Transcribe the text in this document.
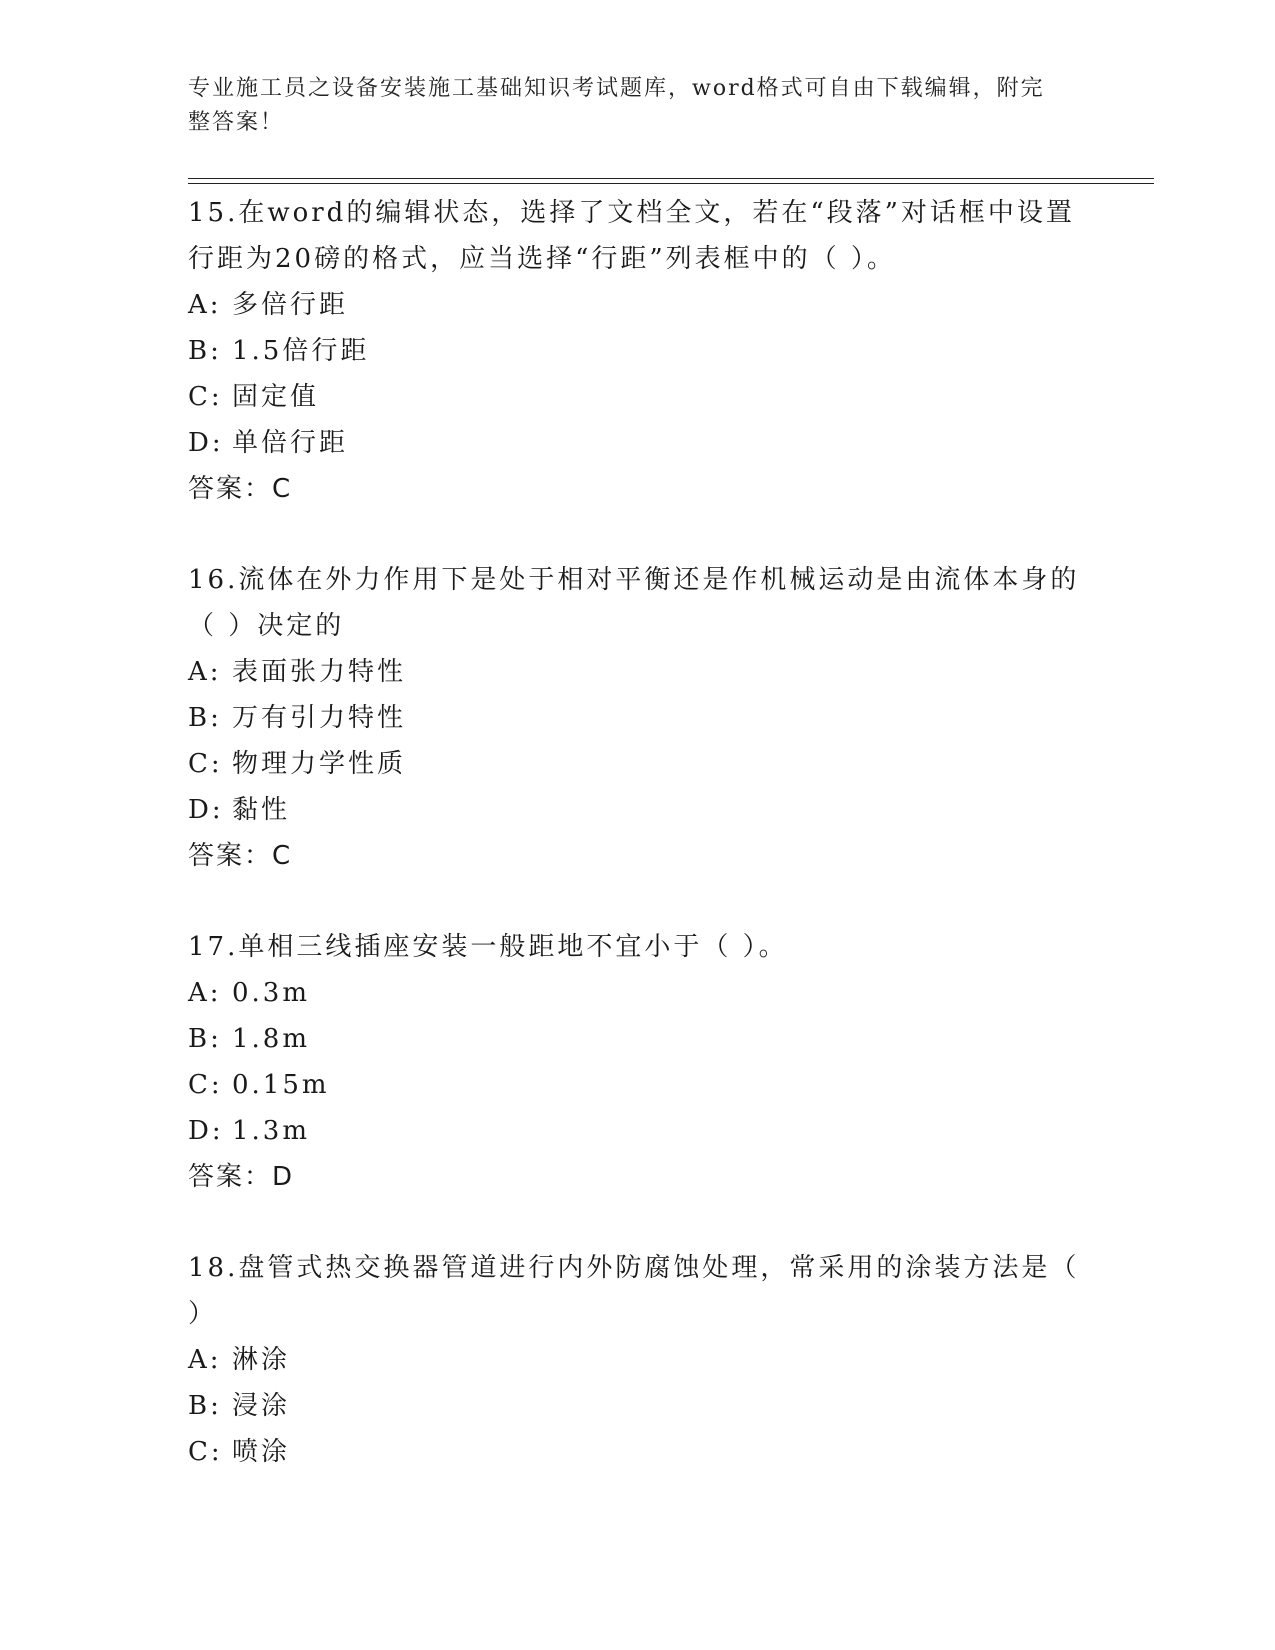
专业施工员之设备安装施工基础知识考试题库，word格式可自由下载编辑，附完整答案！

15.在word的编辑状态，选择了文档全文，若在“段落”对话框中设置行距为20磅的格式，应当选择“行距”列表框中的（ ）。

A: 多倍行距

B: 1.5倍行距

C: 固定值

D: 单倍行距

答案：C

16.流体在外力作用下是处于相对平衡还是作机械运动是由流体本身的（ ）决定的

A: 表面张力特性

B: 万有引力特性

C: 物理力学性质

D: 黏性

答案：C

17.单相三线插座安装一般距地不宜小于（ ）。

A: 0.3m

B: 1.8m

C: 0.15m

D: 1.3m

答案：D

18.盘管式热交换器管道进行内外防腐蚀处理，常采用的涂装方法是（ ）

A: 淋涂

B: 浸涂

C: 喷涂
